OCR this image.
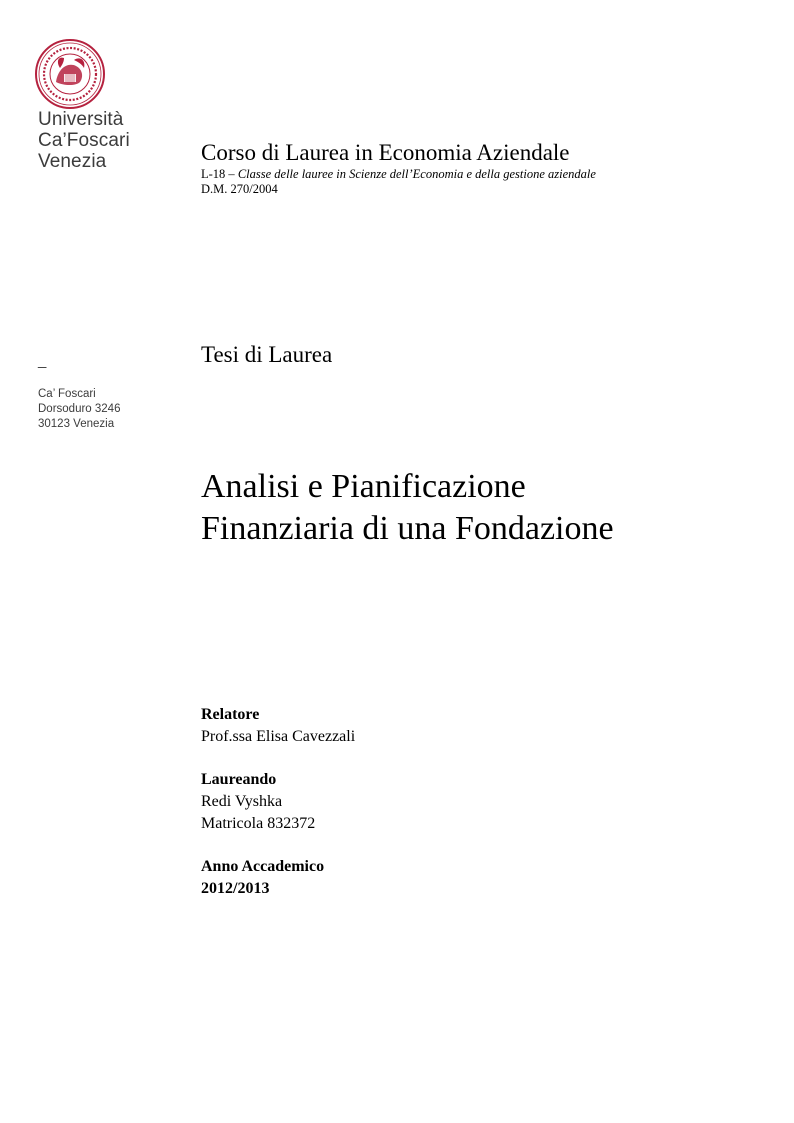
Università
Ca’Foscari
Venezia
_
Ca’ Foscari
Dorsoduro 3246
30123 Venezia
Corso di Laurea in Economia Aziendale
L-18 – Classe delle lauree in Scienze dell’Economia e della gestione aziendale
D.M. 270/2004
Tesi di Laurea
Analisi e Pianificazione
Finanziaria di una Fondazione
Relatore
Prof.ssa Elisa Cavezzali
Laureando
Redi Vyshka
Matricola 832372
Anno Accademico
2012/2013
